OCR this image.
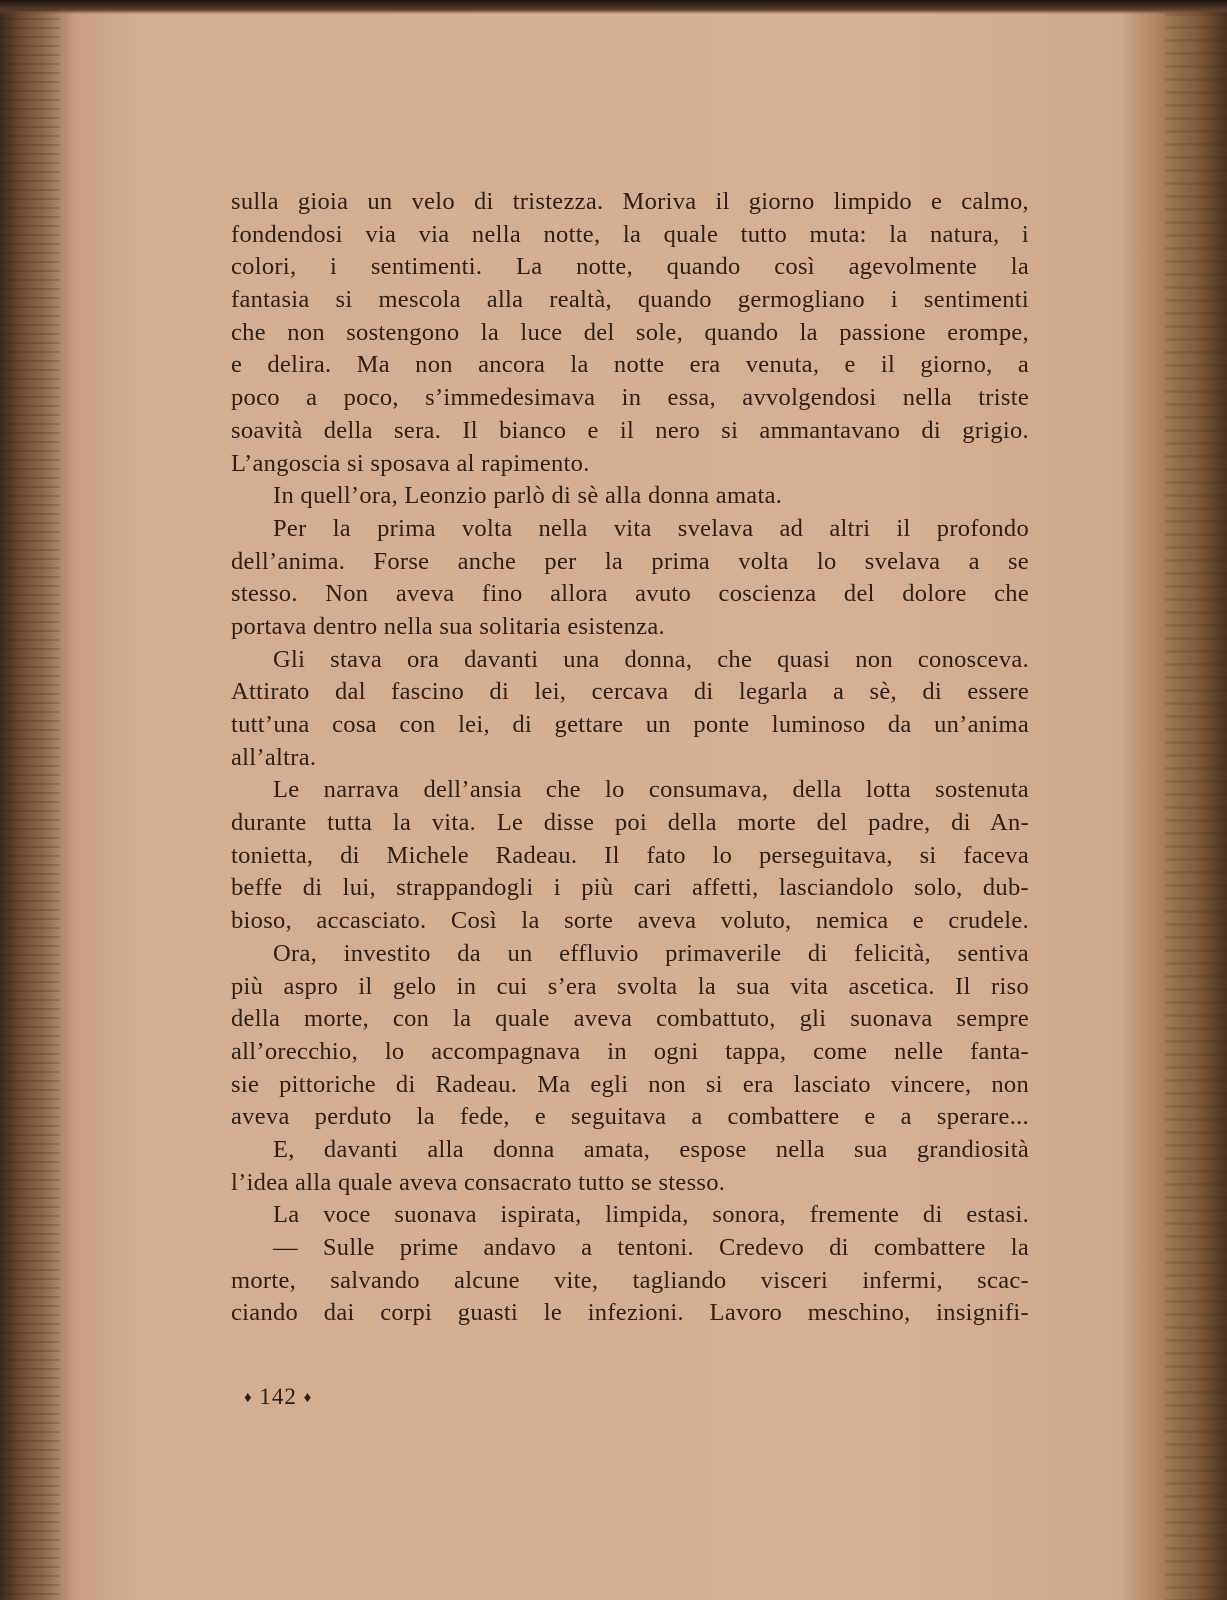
sulla gioia un velo di tristezza. Moriva il giorno limpido e calmo,
fondendosi via via nella notte, la quale tutto muta: la natura, i
colori, i sentimenti. La notte, quando così agevolmente la
fantasia si mescola alla realtà, quando germogliano i sentimenti
che non sostengono la luce del sole, quando la passione erompe,
e delira. Ma non ancora la notte era venuta, e il giorno, a
poco a poco, s’immedesimava in essa, avvolgendosi nella triste
soavità della sera. Il bianco e il nero si ammantavano di grigio.
L’angoscia si sposava al rapimento.
In quell’ora, Leonzio parlò di sè alla donna amata.
Per la prima volta nella vita svelava ad altri il profondo
dell’anima. Forse anche per la prima volta lo svelava a se
stesso. Non aveva fino allora avuto coscienza del dolore che
portava dentro nella sua solitaria esistenza.
Gli stava ora davanti una donna, che quasi non conosceva.
Attirato dal fascino di lei, cercava di legarla a sè, di essere
tutt’una cosa con lei, di gettare un ponte luminoso da un’anima
all’altra.
Le narrava dell’ansia che lo consumava, della lotta sostenuta
durante tutta la vita. Le disse poi della morte del padre, di An-
tonietta, di Michele Radeau. Il fato lo perseguitava, si faceva
beffe di lui, strappandogli i più cari affetti, lasciandolo solo, dub-
bioso, accasciato. Così la sorte aveva voluto, nemica e crudele.
Ora, investito da un effluvio primaverile di felicità, sentiva
più aspro il gelo in cui s’era svolta la sua vita ascetica. Il riso
della morte, con la quale aveva combattuto, gli suonava sempre
all’orecchio, lo accompagnava in ogni tappa, come nelle fanta-
sie pittoriche di Radeau. Ma egli non si era lasciato vincere, non
aveva perduto la fede, e seguitava a combattere e a sperare...
E, davanti alla donna amata, espose nella sua grandiosità
l’idea alla quale aveva consacrato tutto se stesso.
La voce suonava ispirata, limpida, sonora, fremente di estasi.
— Sulle prime andavo a tentoni. Credevo di combattere la
morte, salvando alcune vite, tagliando visceri infermi, scac-
ciando dai corpi guasti le infezioni. Lavoro meschino, insignifi-
♦ 142 ♦
